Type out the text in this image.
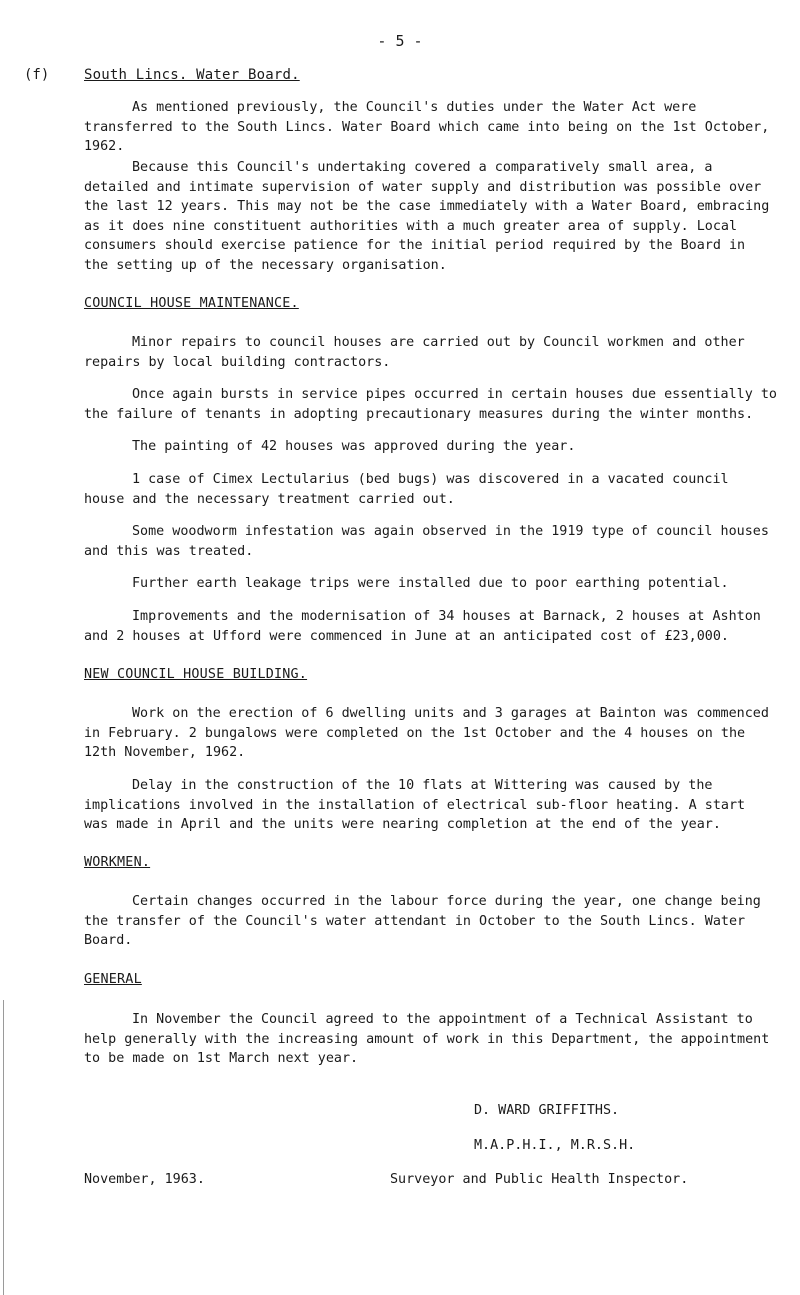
- 5 -
(f) South Lincs. Water Board.

As mentioned previously, the Council's duties under the Water Act were transferred to the South Lincs. Water Board which came into being on the 1st October, 1962.

Because this Council's undertaking covered a comparatively small area, a detailed and intimate supervision of water supply and distribution was possible over the last 12 years. This may not be the case immediately with a Water Board, embracing as it does nine constituent authorities with a much greater area of supply. Local consumers should exercise patience for the initial period required by the Board in the setting up of the necessary organisation.

COUNCIL HOUSE MAINTENANCE.

Minor repairs to council houses are carried out by Council workmen and other repairs by local building contractors.

Once again bursts in service pipes occurred in certain houses due essentially to the failure of tenants in adopting precautionary measures during the winter months.

The painting of 42 houses was approved during the year.

1 case of Cimex Lectularius (bed bugs) was discovered in a vacated council house and the necessary treatment carried out.

Some woodworm infestation was again observed in the 1919 type of council houses and this was treated.

Further earth leakage trips were installed due to poor earthing potential.

Improvements and the modernisation of 34 houses at Barnack, 2 houses at Ashton and 2 houses at Ufford were commenced in June at an anticipated cost of £23,000.

NEW COUNCIL HOUSE BUILDING.

Work on the erection of 6 dwelling units and 3 garages at Bainton was commenced in February. 2 bungalows were completed on the 1st October and the 4 houses on the 12th November, 1962.

Delay in the construction of the 10 flats at Wittering was caused by the implications involved in the installation of electrical sub-floor heating. A start was made in April and the units were nearing completion at the end of the year.

WORKMEN.

Certain changes occurred in the labour force during the year, one change being the transfer of the Council's water attendant in October to the South Lincs. Water Board.

GENERAL

In November the Council agreed to the appointment of a Technical Assistant to help generally with the increasing amount of work in this Department, the appointment to be made on 1st March next year.

D. WARD GRIFFITHS.
M.A.P.H.I., M.R.S.H.
November, 1963.	Surveyor and Public Health Inspector.
